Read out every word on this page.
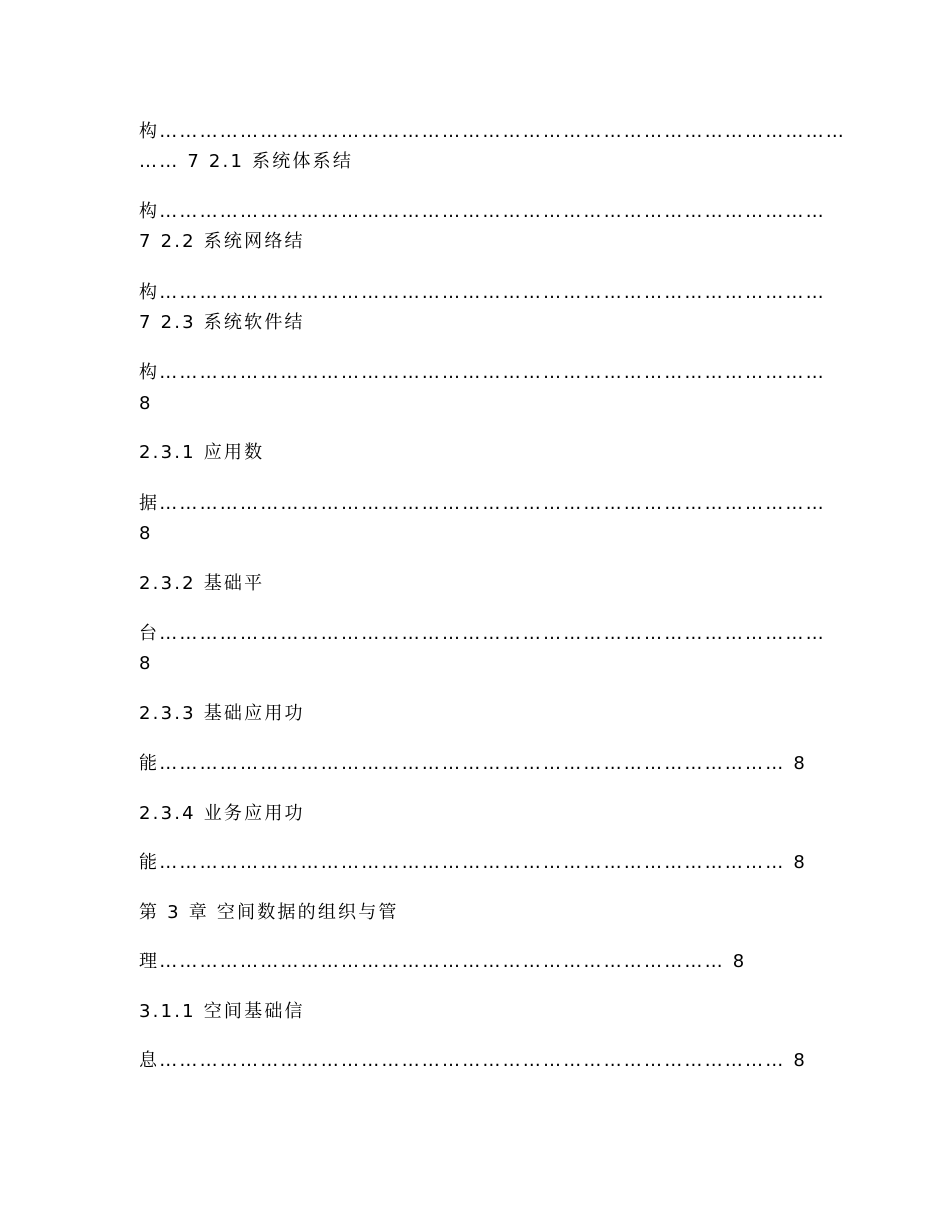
构…………………………………………………………………………………………

…… 7 2.1 系统体系结

构………………………………………………………………………………………

7 2.2 系统网络结

构………………………………………………………………………………………

7 2.3 系统软件结

构………………………………………………………………………………………

8

2.3.1 应用数

据………………………………………………………………………………………

8

2.3.2 基础平

台………………………………………………………………………………………

8

2.3.3 基础应用功

能………………………………………………………………………………… 8

2.3.4 业务应用功

能………………………………………………………………………………… 8

第 3 章 空间数据的组织与管

理………………………………………………………………………… 8

3.1.1 空间基础信

息………………………………………………………………………………… 8
